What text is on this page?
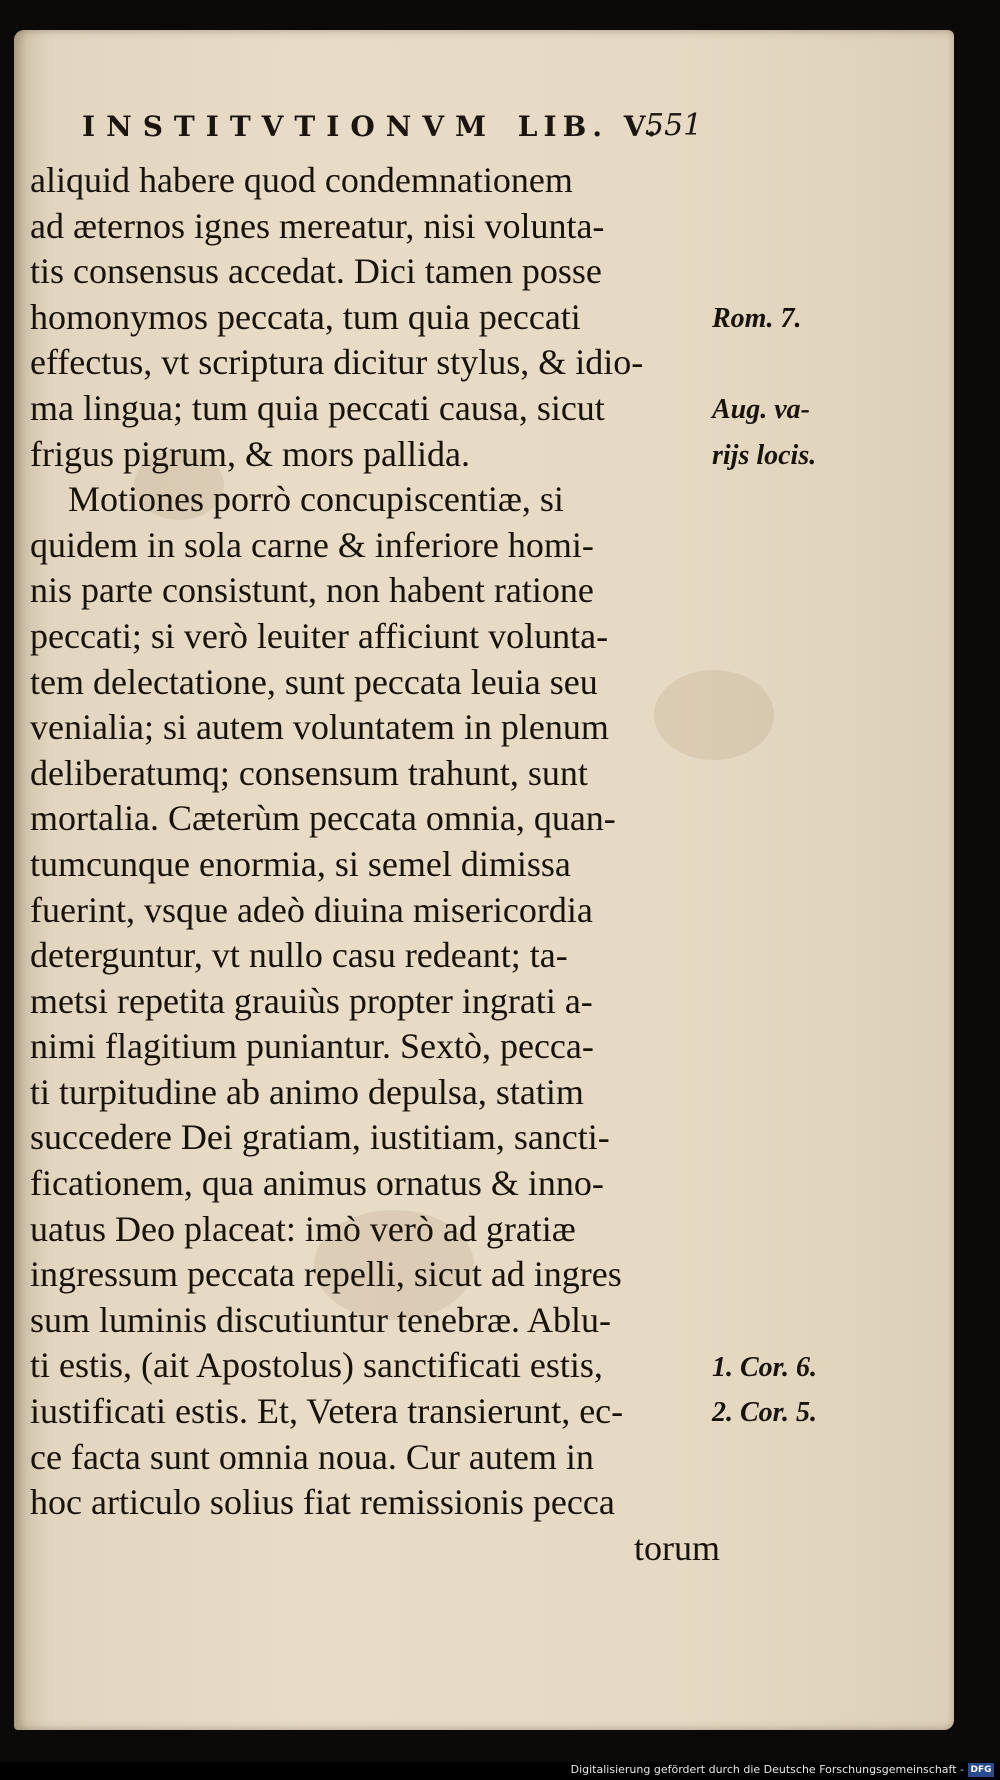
INSTITVTIONVM LIB. V.
551
aliquid habere quod condemnationem
ad æternos ignes mereatur, nisi volunta-
tis consensus accedat. Dici tamen posse
homonymos peccata, tum quia peccati
effectus, vt scriptura dicitur stylus, & idio-
ma lingua; tum quia peccati causa, sicut
frigus pigrum, & mors pallida.
Motiones porrò concupiscentiæ, si
quidem in sola carne & inferiore homi-
nis parte consistunt, non habent ratione
peccati; si verò leuiter afficiunt volunta-
tem delectatione, sunt peccata leuia seu
venialia; si autem voluntatem in plenum
deliberatumq; consensum trahunt, sunt
mortalia. Cæterùm peccata omnia, quan-
tumcunque enormia, si semel dimissa
fuerint, vsque adeò diuina misericordia
deterguntur, vt nullo casu redeant; ta-
metsi repetita grauiùs propter ingrati a-
nimi flagitium puniantur. Sextò, pecca-
ti turpitudine ab animo depulsa, statim
succedere Dei gratiam, iustitiam, sancti-
ficationem, qua animus ornatus & inno-
uatus Deo placeat: imò verò ad gratiæ
ingressum peccata repelli, sicut ad ingres
sum luminis discutiuntur tenebræ. Ablu-
ti estis, (ait Apostolus) sanctificati estis,
iustificati estis. Et, Vetera transierunt, ec-
ce facta sunt omnia noua. Cur autem in
hoc articulo solius fiat remissionis pecca
torum
Rom. 7.
Aug. va-
rijs locis.
1. Cor. 6.
2. Cor. 5.
Digitalisierung gefördert durch die Deutsche Forschungsgemeinschaft - DFG
